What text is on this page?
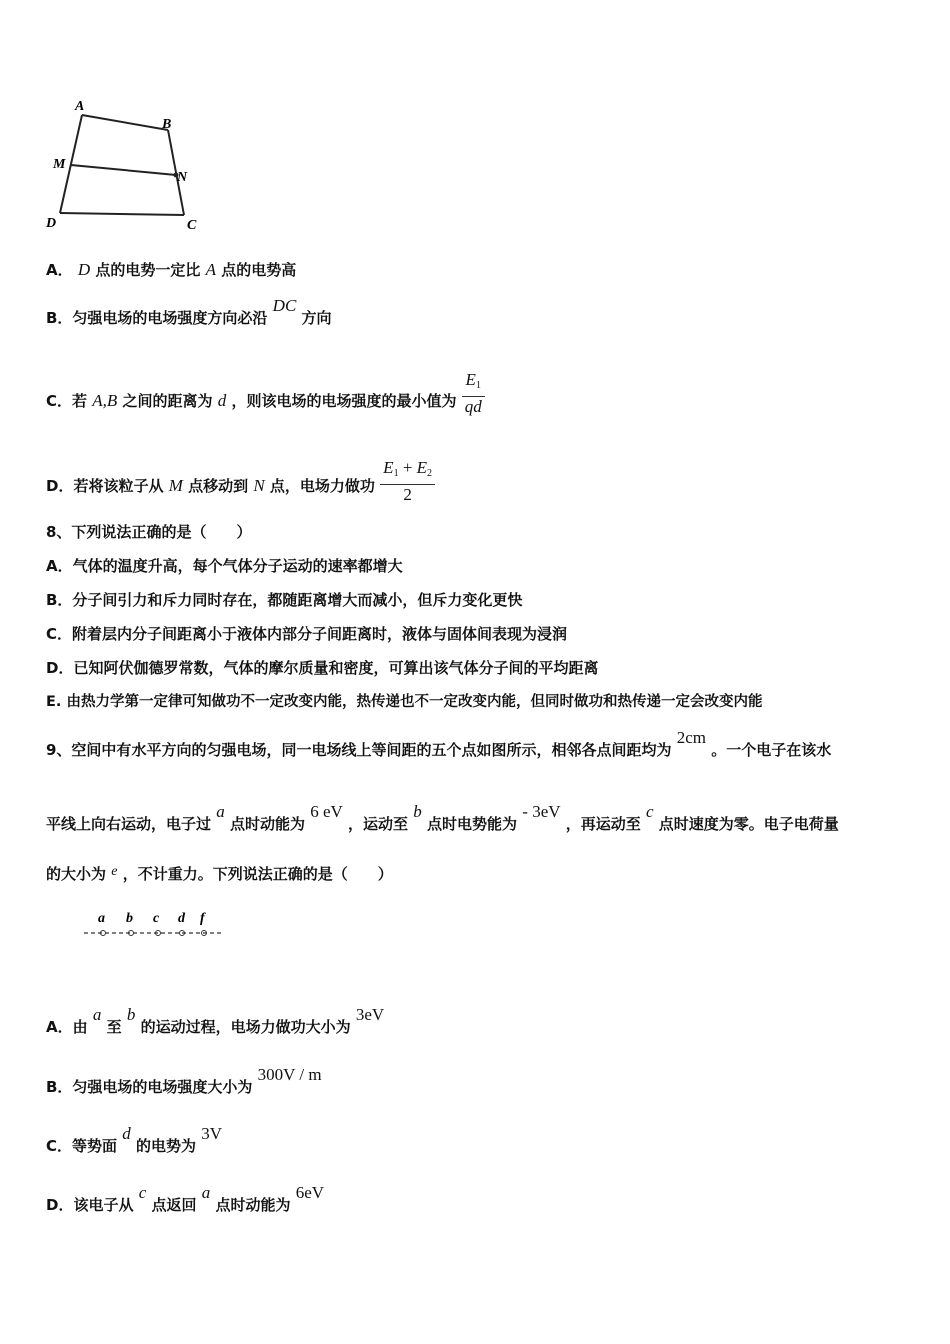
A
B
M
N
D	C
A． D 点的电势一定比 A 点的电势高
B．匀强电场的电场强度方向必沿 DC 方向
C．若 A,B 之间的距离为 d ，则该电场的电场强度的最小值为 $\frac{E_1}{qd}$
D．若将该粒子从 M 点移动到 N 点，电场力做功 $\frac{E_1 + E_2}{2}$
8、下列说法正确的是（　　）
A．气体的温度升高，每个气体分子运动的速率都增大
B．分子间引力和斥力同时存在，都随距离增大而减小，但斥力变化更快
C．附着层内分子间距离小于液体内部分子间距离时，液体与固体间表现为浸润
D．已知阿伏伽德罗常数，气体的摩尔质量和密度，可算出该气体分子间的平均距离
E. 由热力学第一定律可知做功不一定改变内能，热传递也不一定改变内能，但同时做功和热传递一定会改变内能
9、空间中有水平方向的匀强电场，同一电场线上等间距的五个点如图所示，相邻各点间距均为 2cm 。一个电子在该水
平线上向右运动，电子过 a 点时动能为 6 eV ，运动至 b 点时电势能为 - 3eV ，再运动至 c 点时速度为零。电子电荷量
的大小为 e ，不计重力。下列说法正确的是（　　）
a b c d f
A．由 a 至 b 的运动过程，电场力做功大小为 3eV
B．匀强电场的电场强度大小为 300V / m
C．等势面 d 的电势为 3V
D．该电子从 c 点返回 a 点时动能为 6eV
